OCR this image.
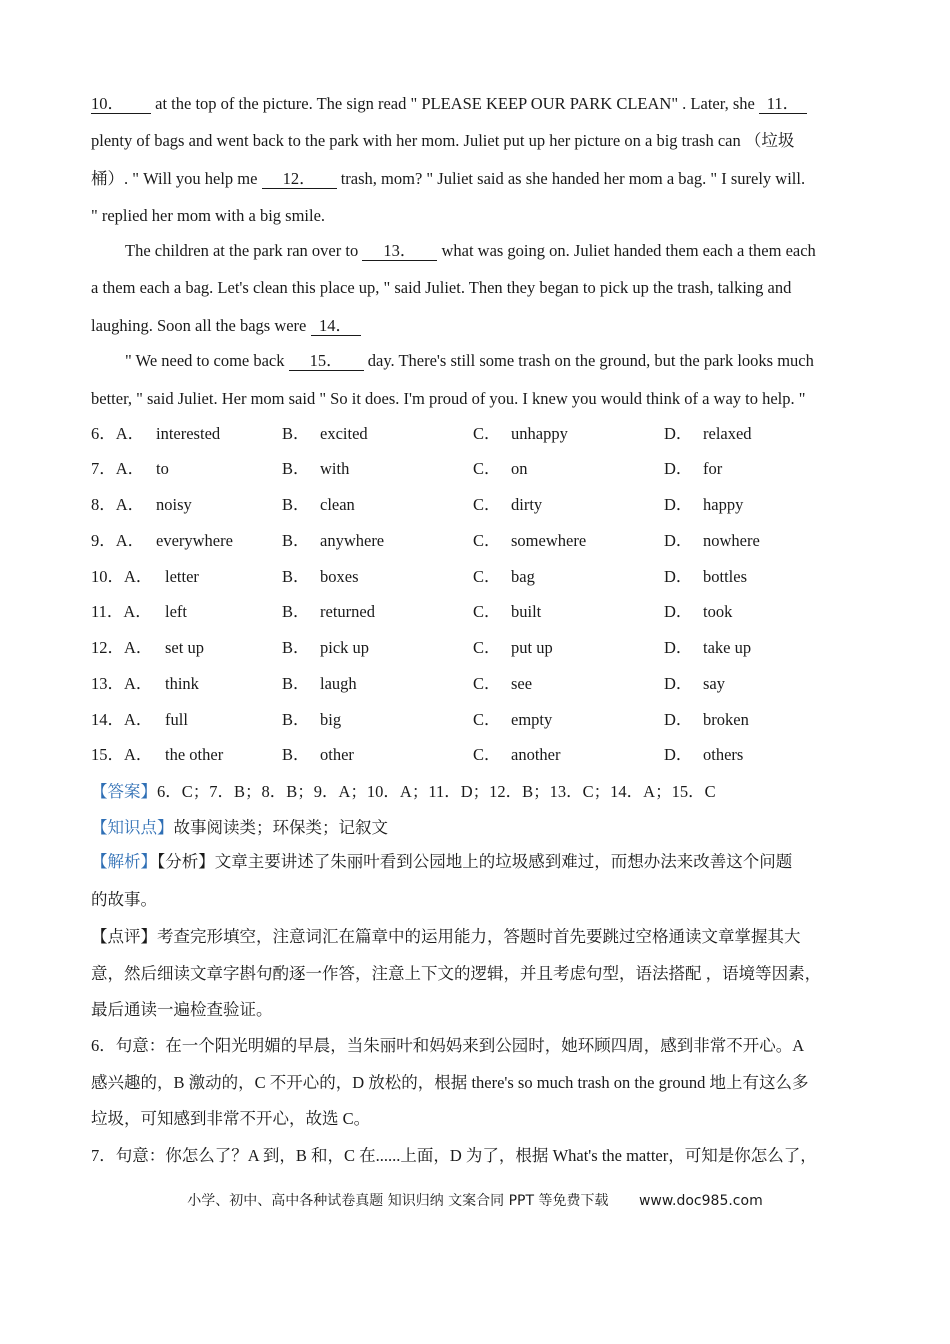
10． at the top of the picture. The sign read " PLEASE KEEP OUR PARK CLEAN" . Later, she 11．
plenty of bags and went back to the park with her mom. Juliet put up her picture on a big trash can （垃圾
桶）. " Will you help me 12． trash, mom? " Juliet said as she handed her mom a bag. " I surely will.
" replied her mom with a big smile.
The children at the park ran over to 13． what was going on. Juliet handed them each a them each
a them each a bag. Let's clean this place up, " said Juliet. Then they began to pick up the trash, talking and
laughing. Soon all the bags were 14．
" We need to come back 15． day. There's still some trash on the ground, but the park looks much
better, " said Juliet. Her mom said " So it does. I'm proud of you. I knew you would think of a way to help. "
6．A． interested	B． excited	C． unhappy	D． relaxed
7．A． to	B． with	C． on	D． for
8．A． noisy	B． clean	C． dirty	D． happy
9．A． everywhere	B． anywhere	C． somewhere	D． nowhere
10．A． letter	B． boxes	C． bag	D． bottles
11．A． left	B． returned	C． built	D． took
12．A． set up	B． pick up	C． put up	D． take up
13．A． think	B． laugh	C． see	D． say
14．A． full	B． big	C． empty	D． broken
15．A． the other	B． other	C． another	D． others
【答案】6．C；7．B；8．B；9．A；10．A；11．D；12．B；13．C；14．A；15．C
【知识点】故事阅读类；环保类；记叙文
【解析】【分析】文章主要讲述了朱丽叶看到公园地上的垃圾感到难过，而想办法来改善这个问题
的故事。
【点评】考查完形填空，注意词汇在篇章中的运用能力，答题时首先要跳过空格通读文章掌握其大
意，然后细读文章字斟句酌逐一作答，注意上下文的逻辑，并且考虑句型，语法搭配 ，语境等因素，
最后通读一遍检查验证。
6．句意：在一个阳光明媚的早晨，当朱丽叶和妈妈来到公园时，她环顾四周，感到非常不开心。A
感兴趣的，B 激动的，C 不开心的，D 放松的，根据 there's so much trash on the ground 地上有这么多
垃圾，可知感到非常不开心，故选 C。
7．句意：你怎么了？A 到，B 和，C 在......上面，D 为了，根据 What's the matter，可知是你怎么了，
小学、初中、高中各种试卷真题 知识归纳 文案合同 PPT 等免费下载 www.doc985.com
